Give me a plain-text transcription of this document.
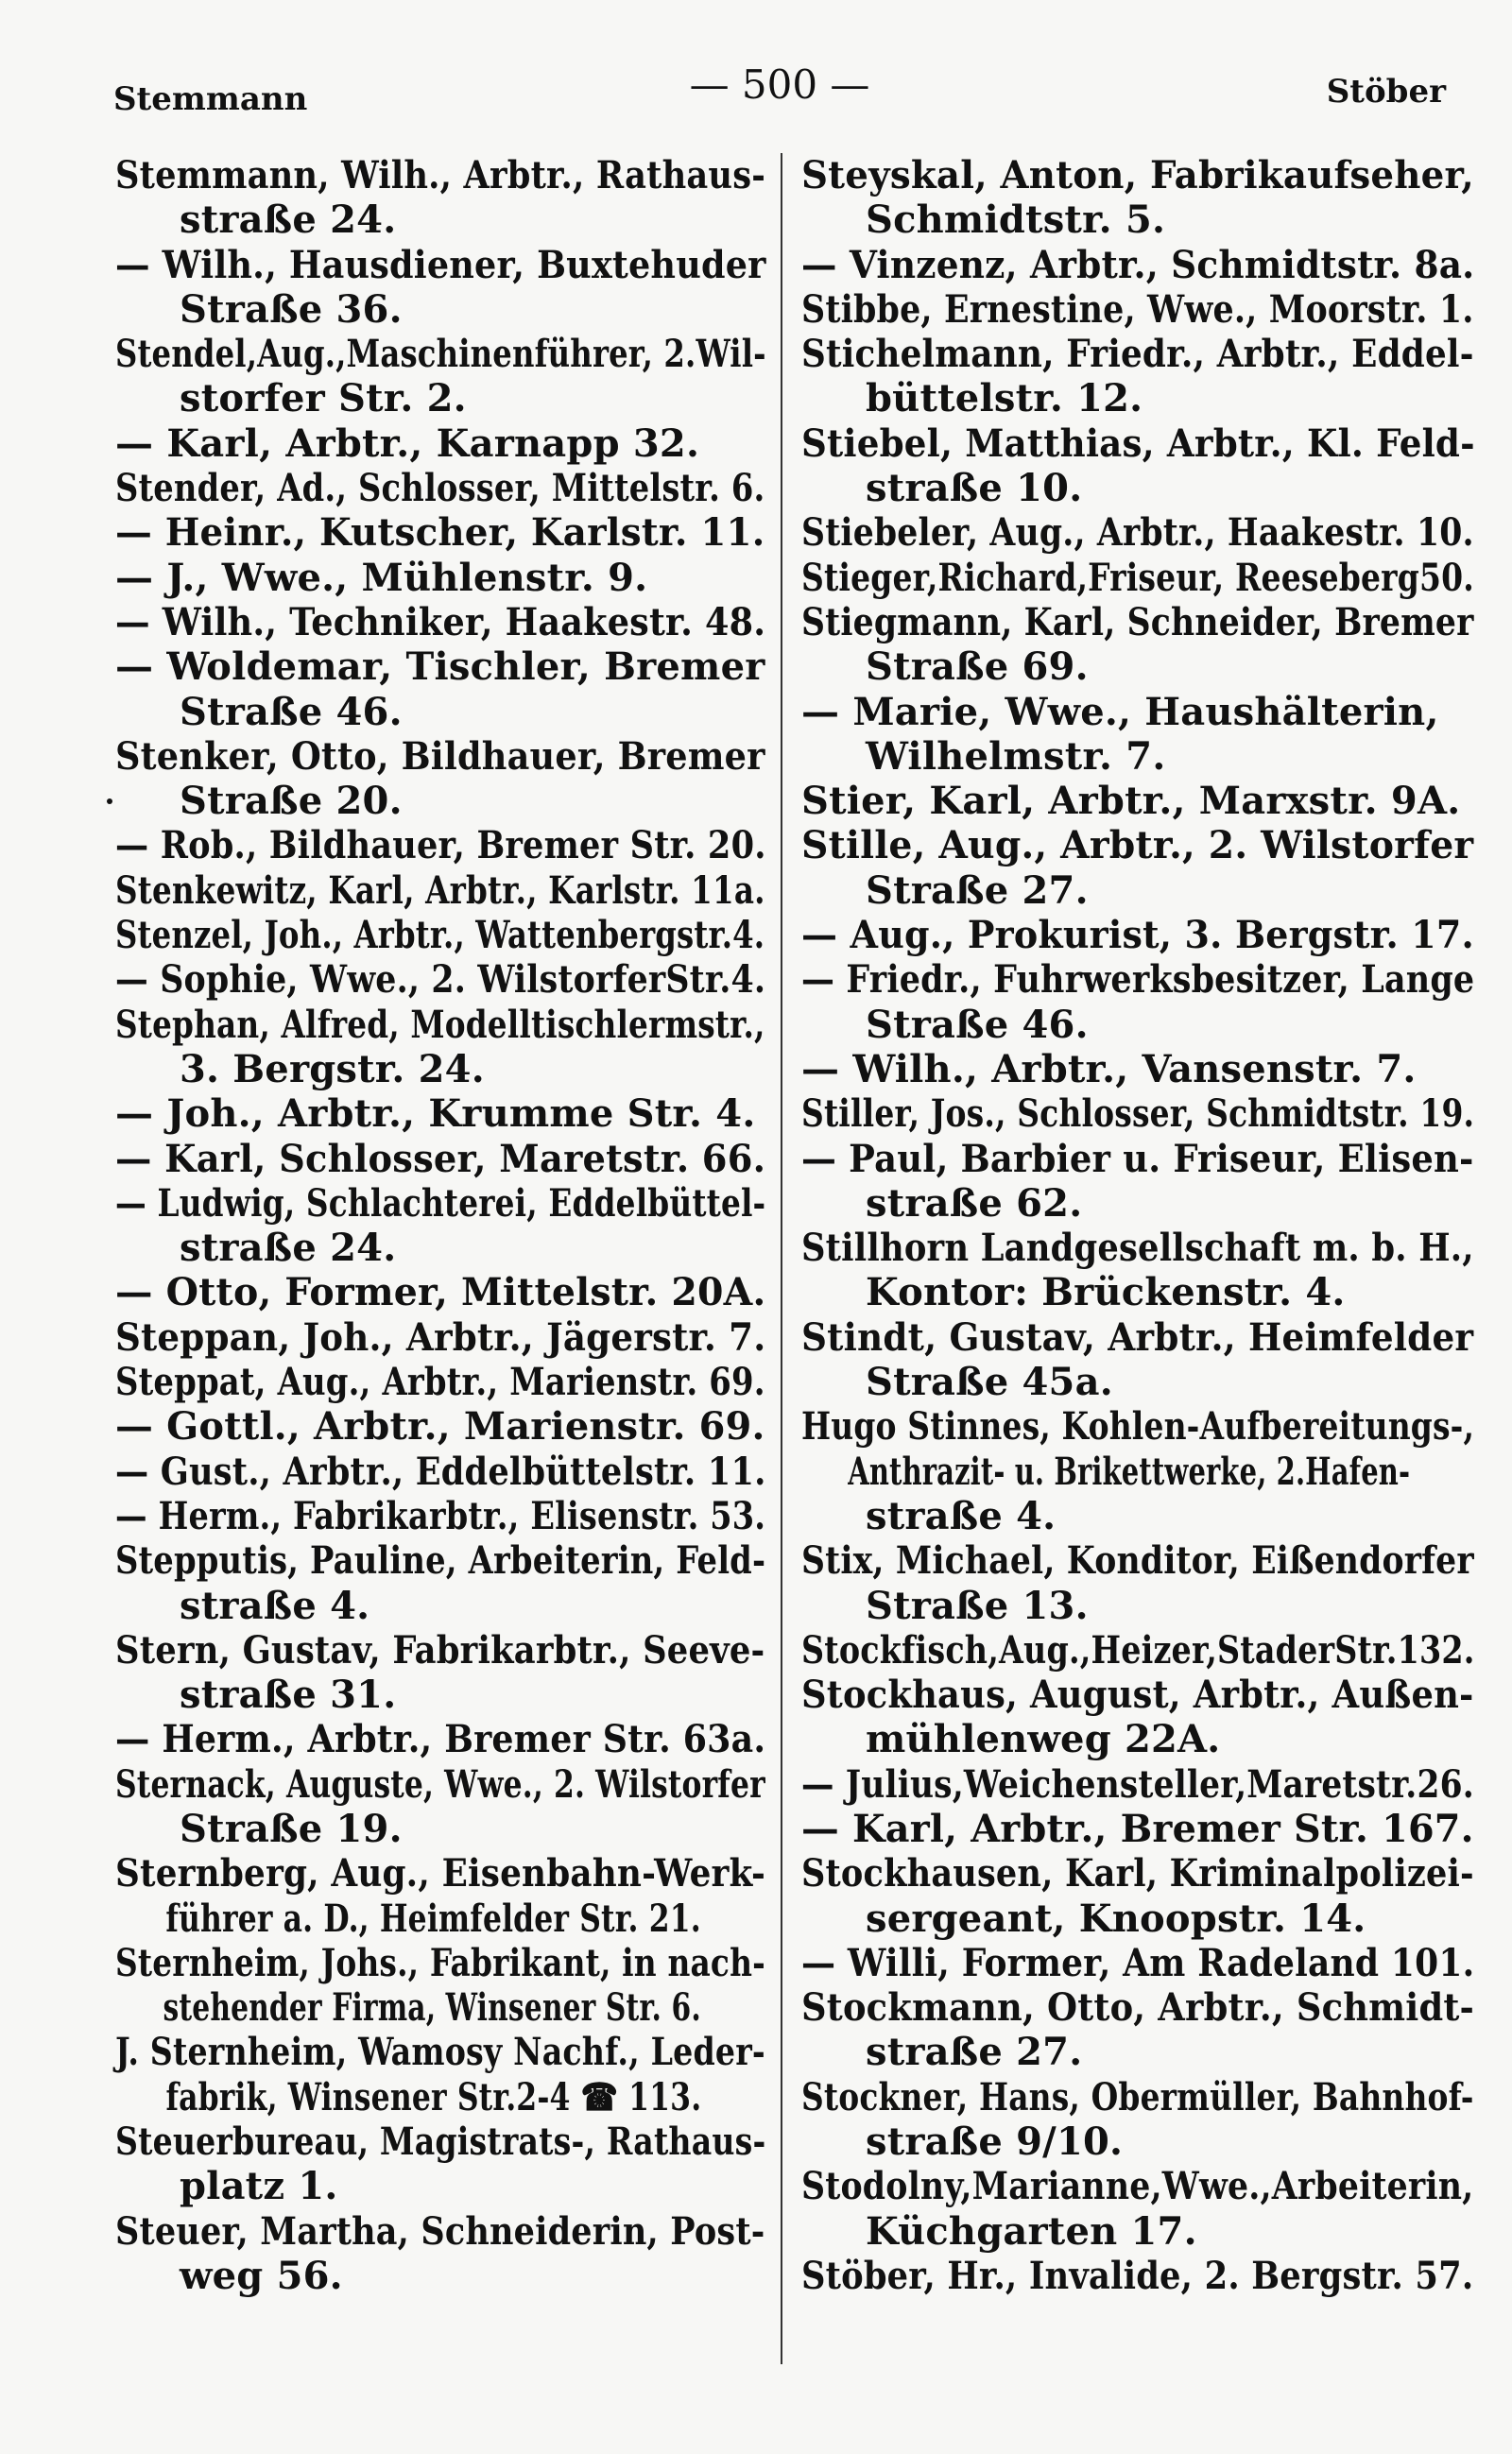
Stemmann	— 500 —	Stöber
Stemmann, Wilh., Arbtr., Rathaus-
straße 24.
— Wilh., Hausdiener, Buxtehuder
Straße 36.
Stendel,Aug.,Maschinenführer, 2.Wil-
storfer Str. 2.
— Karl, Arbtr., Karnapp 32.
Stender, Ad., Schlosser, Mittelstr. 6.
— Heinr., Kutscher, Karlstr. 11.
— J., Wwe., Mühlenstr. 9.
— Wilh., Techniker, Haakestr. 48.
— Woldemar, Tischler, Bremer
Straße 46.
Stenker, Otto, Bildhauer, Bremer
Straße 20.
— Rob., Bildhauer, Bremer Str. 20.
Stenkewitz, Karl, Arbtr., Karlstr. 11a.
Stenzel, Joh., Arbtr., Wattenbergstr.4.
— Sophie, Wwe., 2. WilstorferStr.4.
Stephan, Alfred, Modelltischlermstr.,
3. Bergstr. 24.
— Joh., Arbtr., Krumme Str. 4.
— Karl, Schlosser, Maretstr. 66.
— Ludwig, Schlachterei, Eddelbüttel-
straße 24.
— Otto, Former, Mittelstr. 20A.
Steppan, Joh., Arbtr., Jägerstr. 7.
Steppat, Aug., Arbtr., Marienstr. 69.
— Gottl., Arbtr., Marienstr. 69.
— Gust., Arbtr., Eddelbüttelstr. 11.
— Herm., Fabrikarbtr., Elisenstr. 53.
Stepputis, Pauline, Arbeiterin, Feld-
straße 4.
Stern, Gustav, Fabrikarbtr., Seeve-
straße 31.
— Herm., Arbtr., Bremer Str. 63a.
Sternack, Auguste, Wwe., 2. Wilstorfer
Straße 19.
Sternberg, Aug., Eisenbahn-Werk-
führer a. D., Heimfelder Str. 21.
Sternheim, Johs., Fabrikant, in nach-
stehender Firma, Winsener Str. 6.
J. Sternheim, Wamosy Nachf., Leder-
fabrik, Winsener Str.2-4 ☎ 113.
Steuerbureau, Magistrats-, Rathaus-
platz 1.
Steuer, Martha, Schneiderin, Post-
weg 56.
Steyskal, Anton, Fabrikaufseher,
Schmidtstr. 5.
— Vinzenz, Arbtr., Schmidtstr. 8a.
Stibbe, Ernestine, Wwe., Moorstr. 1.
Stichelmann, Friedr., Arbtr., Eddel-
büttelstr. 12.
Stiebel, Matthias, Arbtr., Kl. Feld-
straße 10.
Stiebeler, Aug., Arbtr., Haakestr. 10.
Stieger,Richard,Friseur, Reeseberg50.
Stiegmann, Karl, Schneider, Bremer
Straße 69.
— Marie, Wwe., Haushälterin,
Wilhelmstr. 7.
Stier, Karl, Arbtr., Marxstr. 9A.
Stille, Aug., Arbtr., 2. Wilstorfer
Straße 27.
— Aug., Prokurist, 3. Bergstr. 17.
— Friedr., Fuhrwerksbesitzer, Lange
Straße 46.
— Wilh., Arbtr., Vansenstr. 7.
Stiller, Jos., Schlosser, Schmidtstr. 19.
— Paul, Barbier u. Friseur, Elisen-
straße 62.
Stillhorn Landgesellschaft m. b. H.,
Kontor: Brückenstr. 4.
Stindt, Gustav, Arbtr., Heimfelder
Straße 45a.
Hugo Stinnes, Kohlen-Aufbereitungs-,
Anthrazit- u. Brikettwerke, 2.Hafen-
straße 4.
Stix, Michael, Konditor, Eißendorfer
Straße 13.
Stockfisch,Aug.,Heizer,StaderStr.132.
Stockhaus, August, Arbtr., Außen-
mühlenweg 22A.
— Julius,Weichensteller,Maretstr.26.
— Karl, Arbtr., Bremer Str. 167.
Stockhausen, Karl, Kriminalpolizei-
sergeant, Knoopstr. 14.
— Willi, Former, Am Radeland 101.
Stockmann, Otto, Arbtr., Schmidt-
straße 27.
Stockner, Hans, Obermüller, Bahnhof-
straße 9/10.
Stodolny,Marianne,Wwe.,Arbeiterin,
Küchgarten 17.
Stöber, Hr., Invalide, 2. Bergstr. 57.
